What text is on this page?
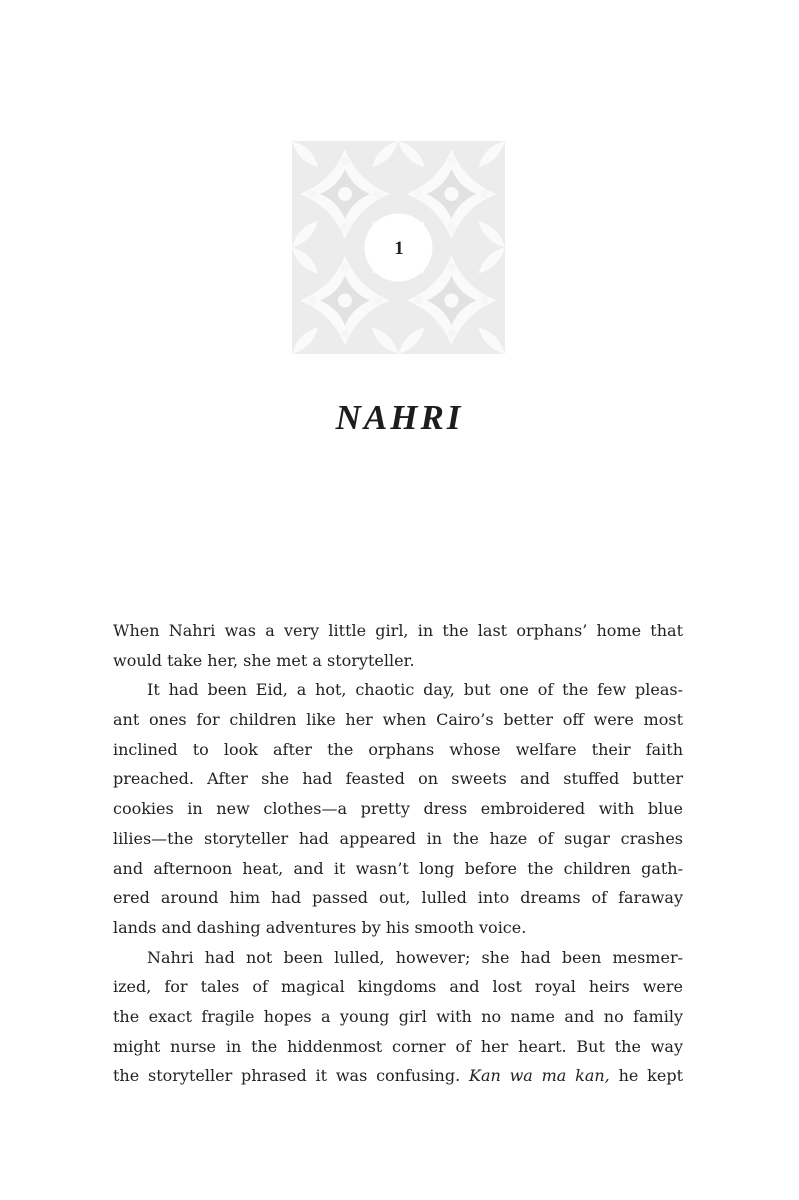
1
NAHRI
When Nahri was a very little girl, in the last orphans’ home that
would take her, she met a storyteller.
It had been Eid, a hot, chaotic day, but one of the few pleas-
ant ones for children like her when Cairo’s better off were most
inclined to look after the orphans whose welfare their faith
preached. After she had feasted on sweets and stuffed butter
cookies in new clothes—a pretty dress embroidered with blue
lilies—the storyteller had appeared in the haze of sugar crashes
and afternoon heat, and it wasn’t long before the children gath-
ered around him had passed out, lulled into dreams of faraway
lands and dashing adventures by his smooth voice.
Nahri had not been lulled, however; she had been mesmer-
ized, for tales of magical kingdoms and lost royal heirs were
the exact fragile hopes a young girl with no name and no family
might nurse in the hiddenmost corner of her heart. But the way
the storyteller phrased it was confusing. Kan wa ma kan, he kept
